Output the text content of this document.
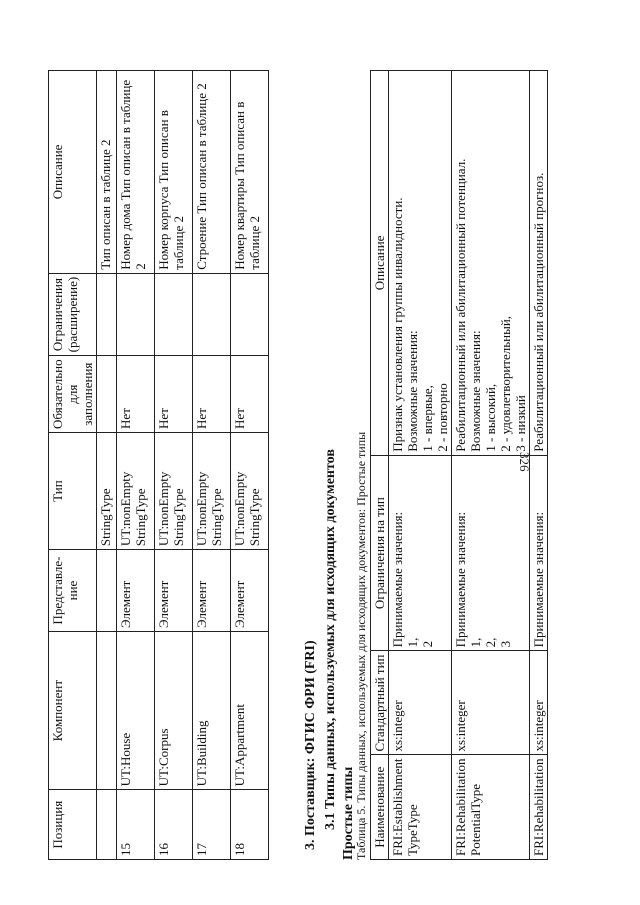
326
Позиция	Компонент	Представле-ние	Тип	Обязательно для заполнения	Ограничения (расширение)	Описание
			StringType			Тип описан в таблице 2
15	UT:House	Элемент	UT:nonEmpty StringType	Нет		Номер дома Тип описан в таблице 2
16	UT:Corpus	Элемент	UT:nonEmpty StringType	Нет		Номер корпуса Тип описан в таблице 2
17	UT:Building	Элемент	UT:nonEmpty StringType	Нет		Строение Тип описан в таблице 2
18	UT:Appartment	Элемент	UT:nonEmpty StringType	Нет		Номер квартиры Тип описан в таблице 2
3. Поставщик: ФГИС ФРИ (FRI) 3.1 Типы данных, используемых для исходящих документов Простые типы
Таблица 5. Типы данных, используемых для исходящих документов: Простые типы Наименование	Стандартный тип	Ограничения на тип	Описание
FRI:Establishment TypeType	xs:integer	Принимаемые значения: 1, 2	Признак установления группы инвалидности. Возможные значения: 1 - впервые, 2 - повторно

FRI:Rehabilitation PotentialType	xs:integer	Принимаемые значения: 1, 2, 3	Реабилитационный или абилитационный потенциал. Возможные значения: 1 - высокий, 2 - удовлетворительный, 3 - низкий

FRI:Rehabilitation	xs:integer	Принимаемые значения:	Реабилитационный или абилитационный прогноз.
